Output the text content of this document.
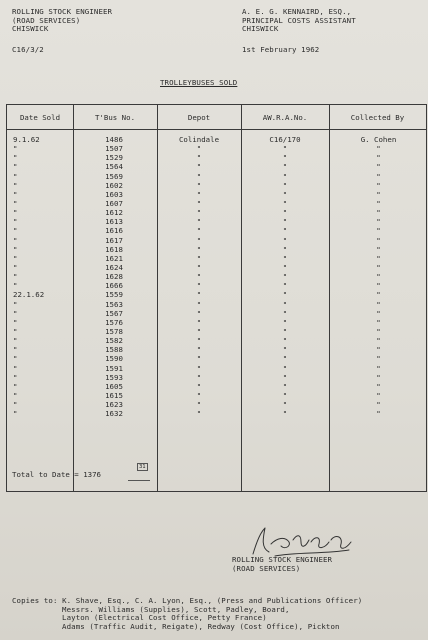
ROLLING STOCK ENGINEER
(ROAD SERVICES)
CHISWICK
A. E. G. KENNAIRD, ESQ.,
PRINCIPAL COSTS ASSISTANT
CHISWICK
C16/3/2	1st February 1962
TROLLEYBUSES SOLD
Date Sold	T'Bus No.	Depot	AW.R.A.No.	Collected By
9.1.62	1486	Colindale	C16/170	G. Cohen
"	1507	"	"	"
"	1529	"	"	"
"	1564	"	"	"
"	1569	"	"	"
"	1602	"	"	"
"	1603	"	"	"
"	1607	"	"	"
"	1612	"	"	"
"	1613	"	"	"
"	1616	"	"	"
"	1617	"	"	"
"	1618	"	"	"
"	1621	"	"	"
"	1624	"	"	"
"	1628	"	"	"
"	1666	"	"	"
22.1.62	1559	"	"	"
"	1563	"	"	"
"	1567	"	"	"
"	1576	"	"	"
"	1578	"	"	"
"	1582	"	"	"
"	1588	"	"	"
"	1590	"	"	"
"	1591	"	"	"
"	1593	"	"	"
"	1605	"	"	"
"	1615	"	"	"
"	1623	"	"	"
"	1632	"	"	"
Total to Date = 1376
31
ROLLING STOCK ENGINEER
(ROAD SERVICES)
Copies to: K. Shave, Esq., C. A. Lyon, Esq., (Press and Publications Officer)
Messrs. Williams (Supplies), Scott, Padley, Board,
Layton (Electrical Cost Office, Petty France)
Adams (Traffic Audit, Reigate), Redway (Cost Office), Pickton
